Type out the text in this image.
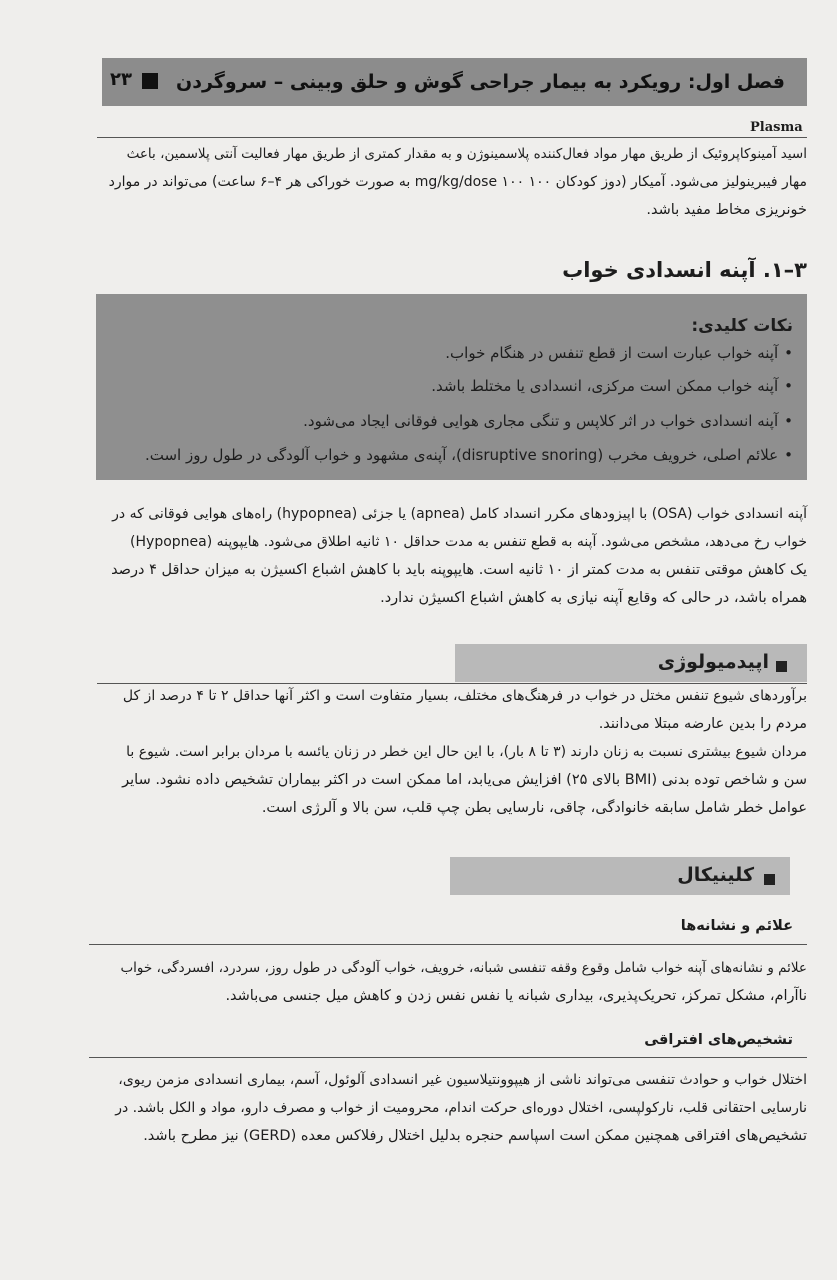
فصل اول: رویکرد به بیمار جراحی گوش و حلق وبینی – سروگردن
۲۳
Plasma

اسید آمینوکاپروئیک از طریق مهار مواد فعال‌کننده پلاسمینوژن و به مقدار کمتری از طریق مهار فعالیت آنتی پلاسمین، باعث
مهار فیبرینولیز می‌شود. آمیکار (دوز کودکان ۱۰۰ mg/kg/dose ۱۰۰ به صورت خوراکی هر ۴–۶ ساعت) می‌تواند در موارد
خونریزی مخاط مفید باشد.

۳–۱. آپنه انسدادی خواب
نکات کلیدی:
•آپنه خواب عبارت است از قطع تنفس در هنگام خواب.
•آپنه خواب ممکن است مرکزی، انسدادی یا مختلط باشد.
•آپنه انسدادی خواب در اثر کلاپس و تنگی مجاری هوایی فوقانی ایجاد می‌شود.
•علائم اصلی، خرویف مخرب (disruptive snoring)، آپنه‌ی مشهود و خواب آلودگی در طول روز است.

آپنه انسدادی خواب (OSA) با اپیزودهای مکرر انسداد کامل (apnea) یا جزئی (hypopnea) راه‌های هوایی فوقانی که در
خواب رخ می‌دهد، مشخص می‌شود. آپنه به قطع تنفس به مدت حداقل ۱۰ ثانیه اطلاق می‌شود. هایپوپنه (Hypopnea)
یک کاهش موقتی تنفس به مدت کمتر از ۱۰ ثانیه است. هایپوپنه باید با کاهش اشباع اکسیژن به میزان حداقل ۴ درصد
همراه باشد، در حالی که وقایع آپنه نیازی به کاهش اشباع اکسیژن ندارد.

اپیدمیولوژی

برآوردهای شیوع تنفس مختل در خواب در فرهنگ‌های مختلف، بسیار متفاوت است و اکثر آنها حداقل ۲ تا ۴ درصد از کل
مردم را بدین عارضه مبتلا می‌دانند.
مردان شیوع بیشتری نسبت به زنان دارند (۳ تا ۸ بار)، با این حال این خطر در زنان یائسه با مردان برابر است. شیوع با
سن و شاخص توده بدنی (BMI بالای ۲۵) افزایش می‌یابد، اما ممکن است در اکثر بیماران تشخیص داده نشود. سایر
عوامل خطر شامل سابقه خانوادگی، چاقی، نارسایی بطن چپ قلب، سن بالا و آلرژی است.

کلینیکال
علائم و نشانه‌ها

علائم و نشانه‌های آپنه خواب شامل وقوع وقفه تنفسی شبانه، خرویف، خواب آلودگی در طول روز، سردرد، افسردگی، خواب
ناآرام، مشکل تمرکز، تحریک‌پذیری، بیداری شبانه یا نفس نفس زدن و کاهش میل جنسی می‌باشد.

تشخیص‌های افتراقی

اختلال خواب و حوادث تنفسی می‌تواند ناشی از هیپوونتیلاسیون غیر انسدادی آلوئول، آسم، بیماری انسدادی مزمن ریوی،
نارسایی احتقانی قلب، نارکولپسی، اختلال دوره‌ای حرکت اندام، محرومیت از خواب و مصرف دارو، مواد و الکل باشد. در
تشخیص‌های افتراقی همچنین ممکن است اسپاسم حنجره بدلیل اختلال رفلاکس معده (GERD) نیز مطرح باشد.
